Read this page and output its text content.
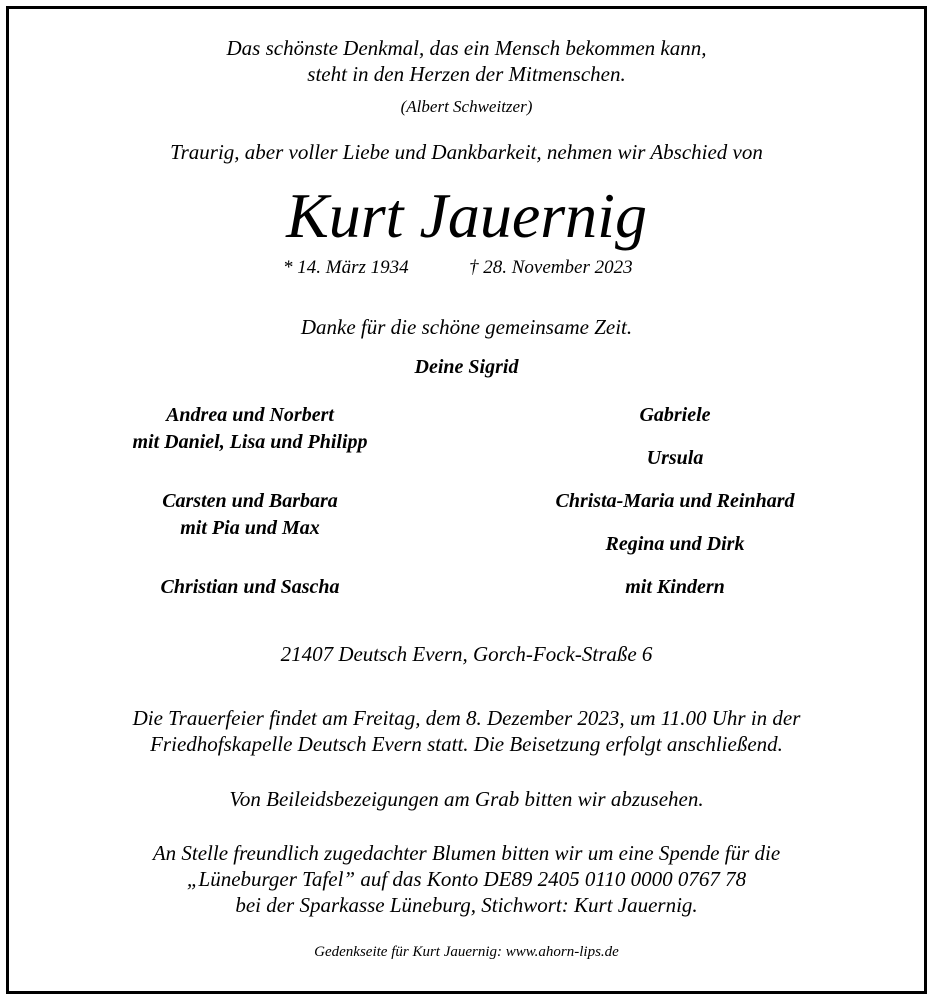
Das schönste Denkmal, das ein Mensch bekommen kann,
steht in den Herzen der Mitmenschen.
(Albert Schweitzer)
Traurig, aber voller Liebe und Dankbarkeit, nehmen wir Abschied von
Kurt Jauernig
* 14. März 1934	† 28. November 2023
Danke für die schöne gemeinsame Zeit.
Deine Sigrid
Andrea und Norbert
mit Daniel, Lisa und Philipp
Carsten und Barbara
mit Pia und Max
Christian und Sascha
Gabriele
Ursula
Christa-Maria und Reinhard
Regina und Dirk
mit Kindern
21407 Deutsch Evern, Gorch-Fock-Straße 6
Die Trauerfeier findet am Freitag, dem 8. Dezember 2023, um 11.00 Uhr in der
Friedhofskapelle Deutsch Evern statt. Die Beisetzung erfolgt anschließend.
Von Beileidsbezeigungen am Grab bitten wir abzusehen.
An Stelle freundlich zugedachter Blumen bitten wir um eine Spende für die
„Lüneburger Tafel” auf das Konto DE89 2405 0110 0000 0767 78
bei der Sparkasse Lüneburg, Stichwort: Kurt Jauernig.
Gedenkseite für Kurt Jauernig: www.ahorn-lips.de
